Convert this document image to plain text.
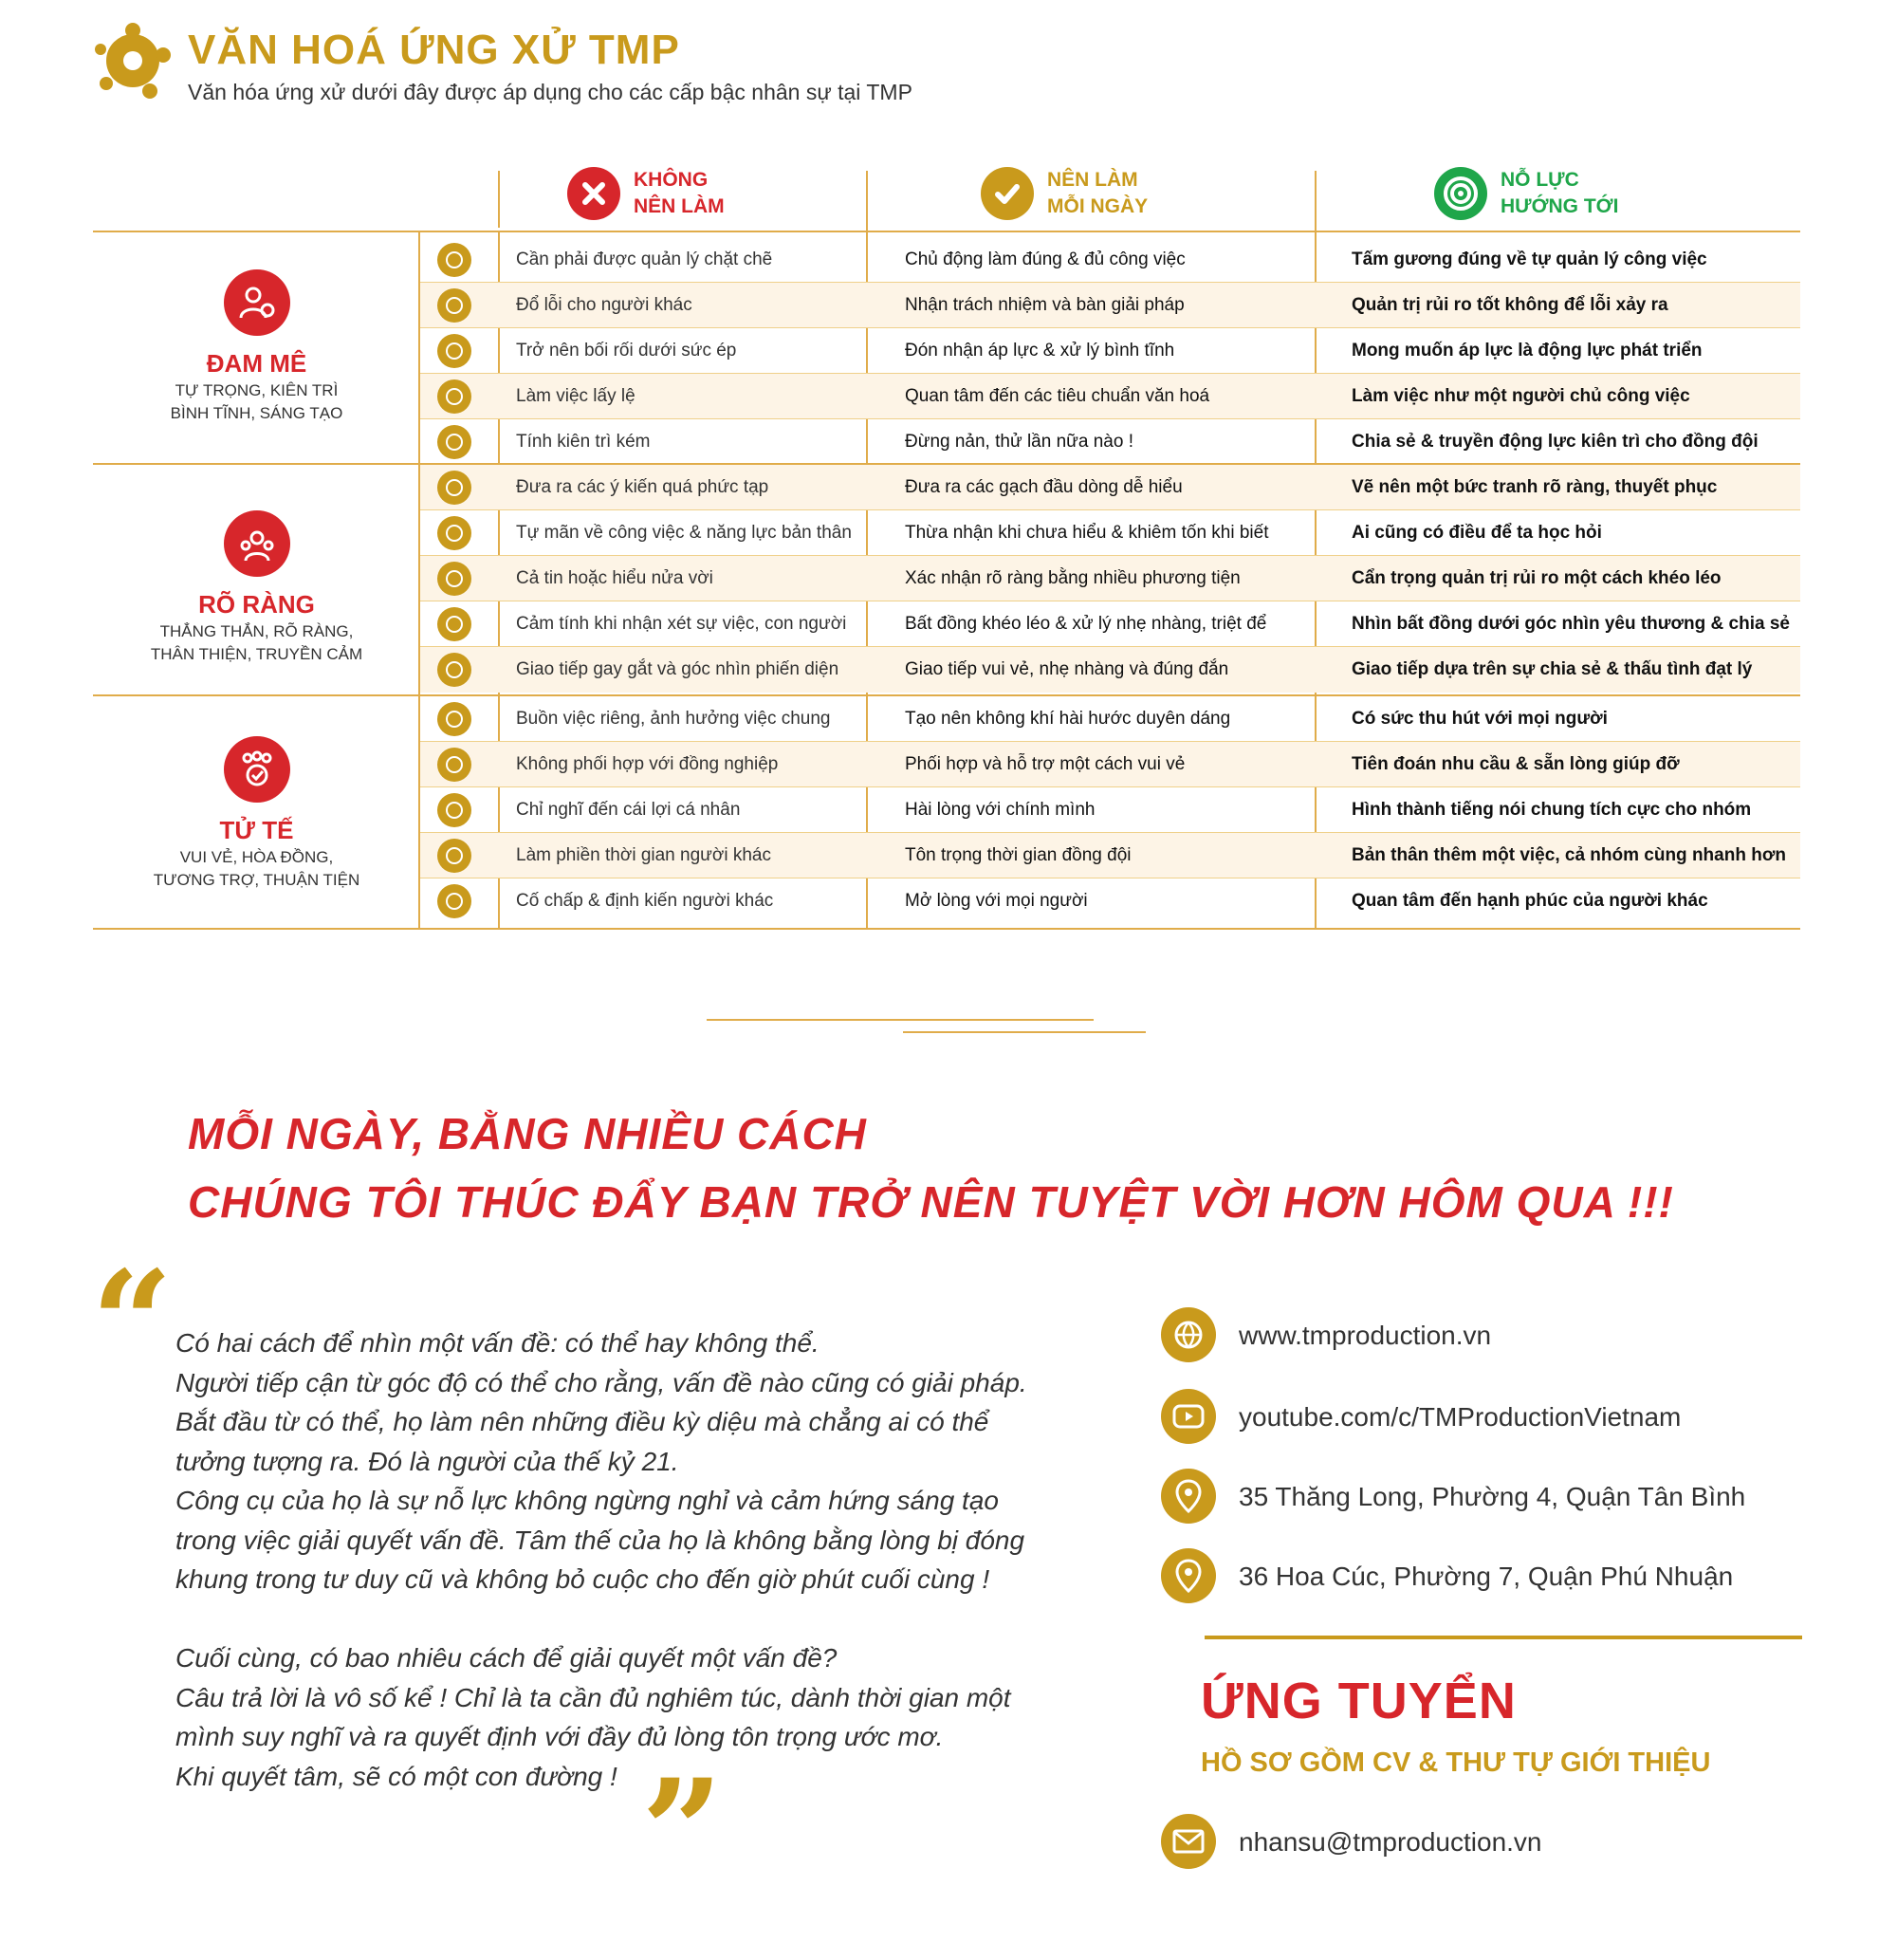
VĂN HOÁ ỨNG XỬ TMP
Văn hóa ứng xử dưới đây được áp dụng cho các cấp bậc nhân sự tại TMP
KHÔNG
NÊN LÀM
NÊN LÀM
MỖI NGÀY
NỖ LỰC
HƯỚNG TỚI
Cần phải được quản lý chặt chẽ	Chủ động làm đúng & đủ công việc	Tấm gương đúng về tự quản lý công việc
Đổ lỗi cho người khác	Nhận trách nhiệm và bàn giải pháp	Quản trị rủi ro tốt không để lỗi xảy ra
Trở nên bối rối dưới sức ép	Đón nhận áp lực & xử lý bình tĩnh	Mong muốn áp lực là động lực phát triển
Làm việc lấy lệ	Quan tâm đến các tiêu chuẩn văn hoá	Làm việc như một người chủ công việc
Tính kiên trì kém	Đừng nản, thử lần nữa nào !	Chia sẻ & truyền động lực kiên trì cho đồng đội
Đưa ra các ý kiến quá phức tạp	Đưa ra các gạch đầu dòng dễ hiểu	Vẽ nên một bức tranh rõ ràng, thuyết phục
Tự mãn về công việc & năng lực bản thân	Thừa nhận khi chưa hiểu & khiêm tốn khi biết	Ai cũng có điều để ta học hỏi
Cả tin hoặc hiểu nửa vời	Xác nhận rõ ràng bằng nhiều phương tiện	Cẩn trọng quản trị rủi ro một cách khéo léo
Cảm tính khi nhận xét sự việc, con người	Bất đồng khéo léo & xử lý nhẹ nhàng, triệt để	Nhìn bất đồng dưới góc nhìn yêu thương & chia sẻ
Giao tiếp gay gắt và góc nhìn phiến diện	Giao tiếp vui vẻ, nhẹ nhàng và đúng đắn	Giao tiếp dựa trên sự chia sẻ & thấu tình đạt lý
Buồn việc riêng, ảnh hưởng việc chung	Tạo nên không khí hài hước duyên dáng	Có sức thu hút với mọi người
Không phối hợp với đồng nghiệp	Phối hợp và hỗ trợ một cách vui vẻ	Tiên đoán nhu cầu & sẵn lòng giúp đỡ
Chỉ nghĩ đến cái lợi cá nhân	Hài lòng với chính mình	Hình thành tiếng nói chung tích cực cho nhóm
Làm phiền thời gian người khác	Tôn trọng thời gian đồng đội	Bản thân thêm một việc, cả nhóm cùng nhanh hơn
Cố chấp & định kiến người khác	Mở lòng với mọi người	Quan tâm đến hạnh phúc của người khác
ĐAM MÊ
TỰ TRỌNG, KIÊN TRÌ
BÌNH TĨNH, SÁNG TẠO
RÕ RÀNG
THẲNG THẮN, RÕ RÀNG,
THÂN THIỆN, TRUYỀN CẢM
TỬ TẾ
VUI VẺ, HÒA ĐỒNG,
TƯƠNG TRỢ, THUẬN TIỆN
MỖI NGÀY, BẰNG NHIỀU CÁCH
CHÚNG TÔI THÚC ĐẨY BẠN TRỞ NÊN TUYỆT VỜI HƠN HÔM QUA !!!
“
”
Có hai cách để nhìn một vấn đề: có thể hay không thể.
Người tiếp cận từ góc độ có thể cho rằng, vấn đề nào cũng có giải pháp.
Bắt đầu từ có thể, họ làm nên những điều kỳ diệu mà chẳng ai có thể
tưởng tượng ra. Đó là người của thế kỷ 21.
Công cụ của họ là sự nỗ lực không ngừng nghỉ và cảm hứng sáng tạo
trong việc giải quyết vấn đề. Tâm thế của họ là không bằng lòng bị đóng
khung trong tư duy cũ và không bỏ cuộc cho đến giờ phút cuối cùng !
Cuối cùng, có bao nhiêu cách để giải quyết một vấn đề?
Câu trả lời là vô số kể ! Chỉ là ta cần đủ nghiêm túc, dành thời gian một
mình suy nghĩ và ra quyết định với đầy đủ lòng tôn trọng ước mơ.
Khi quyết tâm, sẽ có một con đường !
www.tmproduction.vn
youtube.com/c/TMProductionVietnam
35 Thăng Long, Phường 4, Quận Tân Bình
36 Hoa Cúc, Phường 7, Quận Phú Nhuận
ỨNG TUYỂN
HỒ SƠ GỒM CV & THƯ TỰ GIỚI THIỆU
nhansu@tmproduction.vn
